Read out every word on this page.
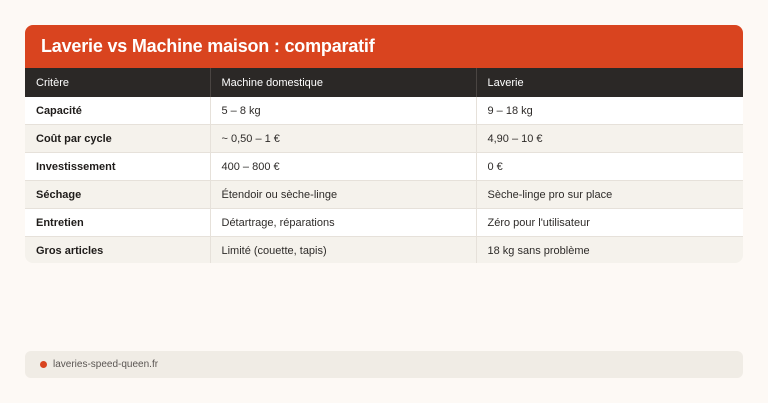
Laverie vs Machine maison : comparatif
Critère	Machine domestique	Laverie
Capacité	5 – 8 kg	9 – 18 kg
Coût par cycle	~ 0,50 – 1 €	4,90 – 10 €
Investissement	400 – 800 €	0 €
Séchage	Étendoir ou sèche-linge	Sèche-linge pro sur place
Entretien	Détartrage, réparations	Zéro pour l'utilisateur
Gros articles	Limité (couette, tapis)	18 kg sans problème
laveries-speed-queen.fr
